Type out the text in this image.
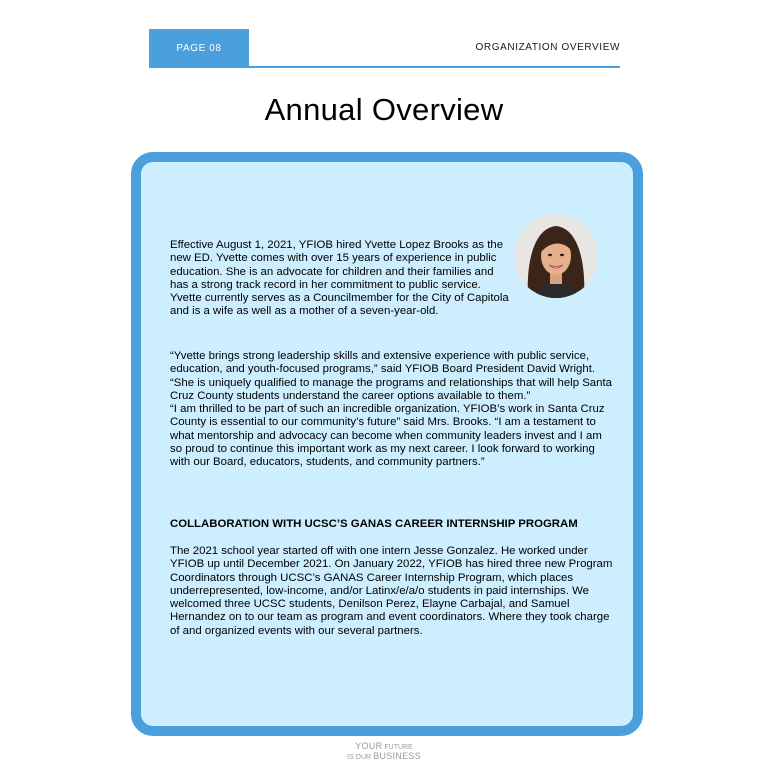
PAGE 08	ORGANIZATION OVERVIEW
Annual Overview

Effective August 1, 2021, YFIOB hired Yvette Lopez Brooks as the new ED. Yvette comes with over 15 years of experience in public education. She is an advocate for children and their families and has a strong track record in her commitment to public service. Yvette currently serves as a Councilmember for the City of Capitola and is a wife as well as a mother of a seven-year-old.

“Yvette brings strong leadership skills and extensive experience with public service, education, and youth-focused programs,” said YFIOB Board President David Wright.
“She is uniquely qualified to manage the programs and relationships that will help Santa Cruz County students understand the career options available to them.”
“I am thrilled to be part of such an incredible organization. YFIOB’s work in Santa Cruz County is essential to our community’s future” said Mrs. Brooks. “I am a testament to what mentorship and advocacy can become when community leaders invest and I am so proud to continue this important work as my next career. I look forward to working with our Board, educators, students, and community partners.”

COLLABORATION WITH UCSC’S GANAS CAREER INTERNSHIP PROGRAM

The 2021 school year started off with one intern Jesse Gonzalez. He worked under YFIOB up until December 2021. On January 2022, YFIOB has hired three new Program Coordinators through UCSC’s GANAS Career Internship Program, which places underrepresented, low-income, and/or Latinx/e/a/o students in paid internships. We welcomed three UCSC students, Denilson Perez, Elayne Carbajal, and Samuel Hernandez on to our team as program and event coordinators. Where they took charge of and organized events with our several partners.

YOUR FUTURE
IS OUR BUSINESS
